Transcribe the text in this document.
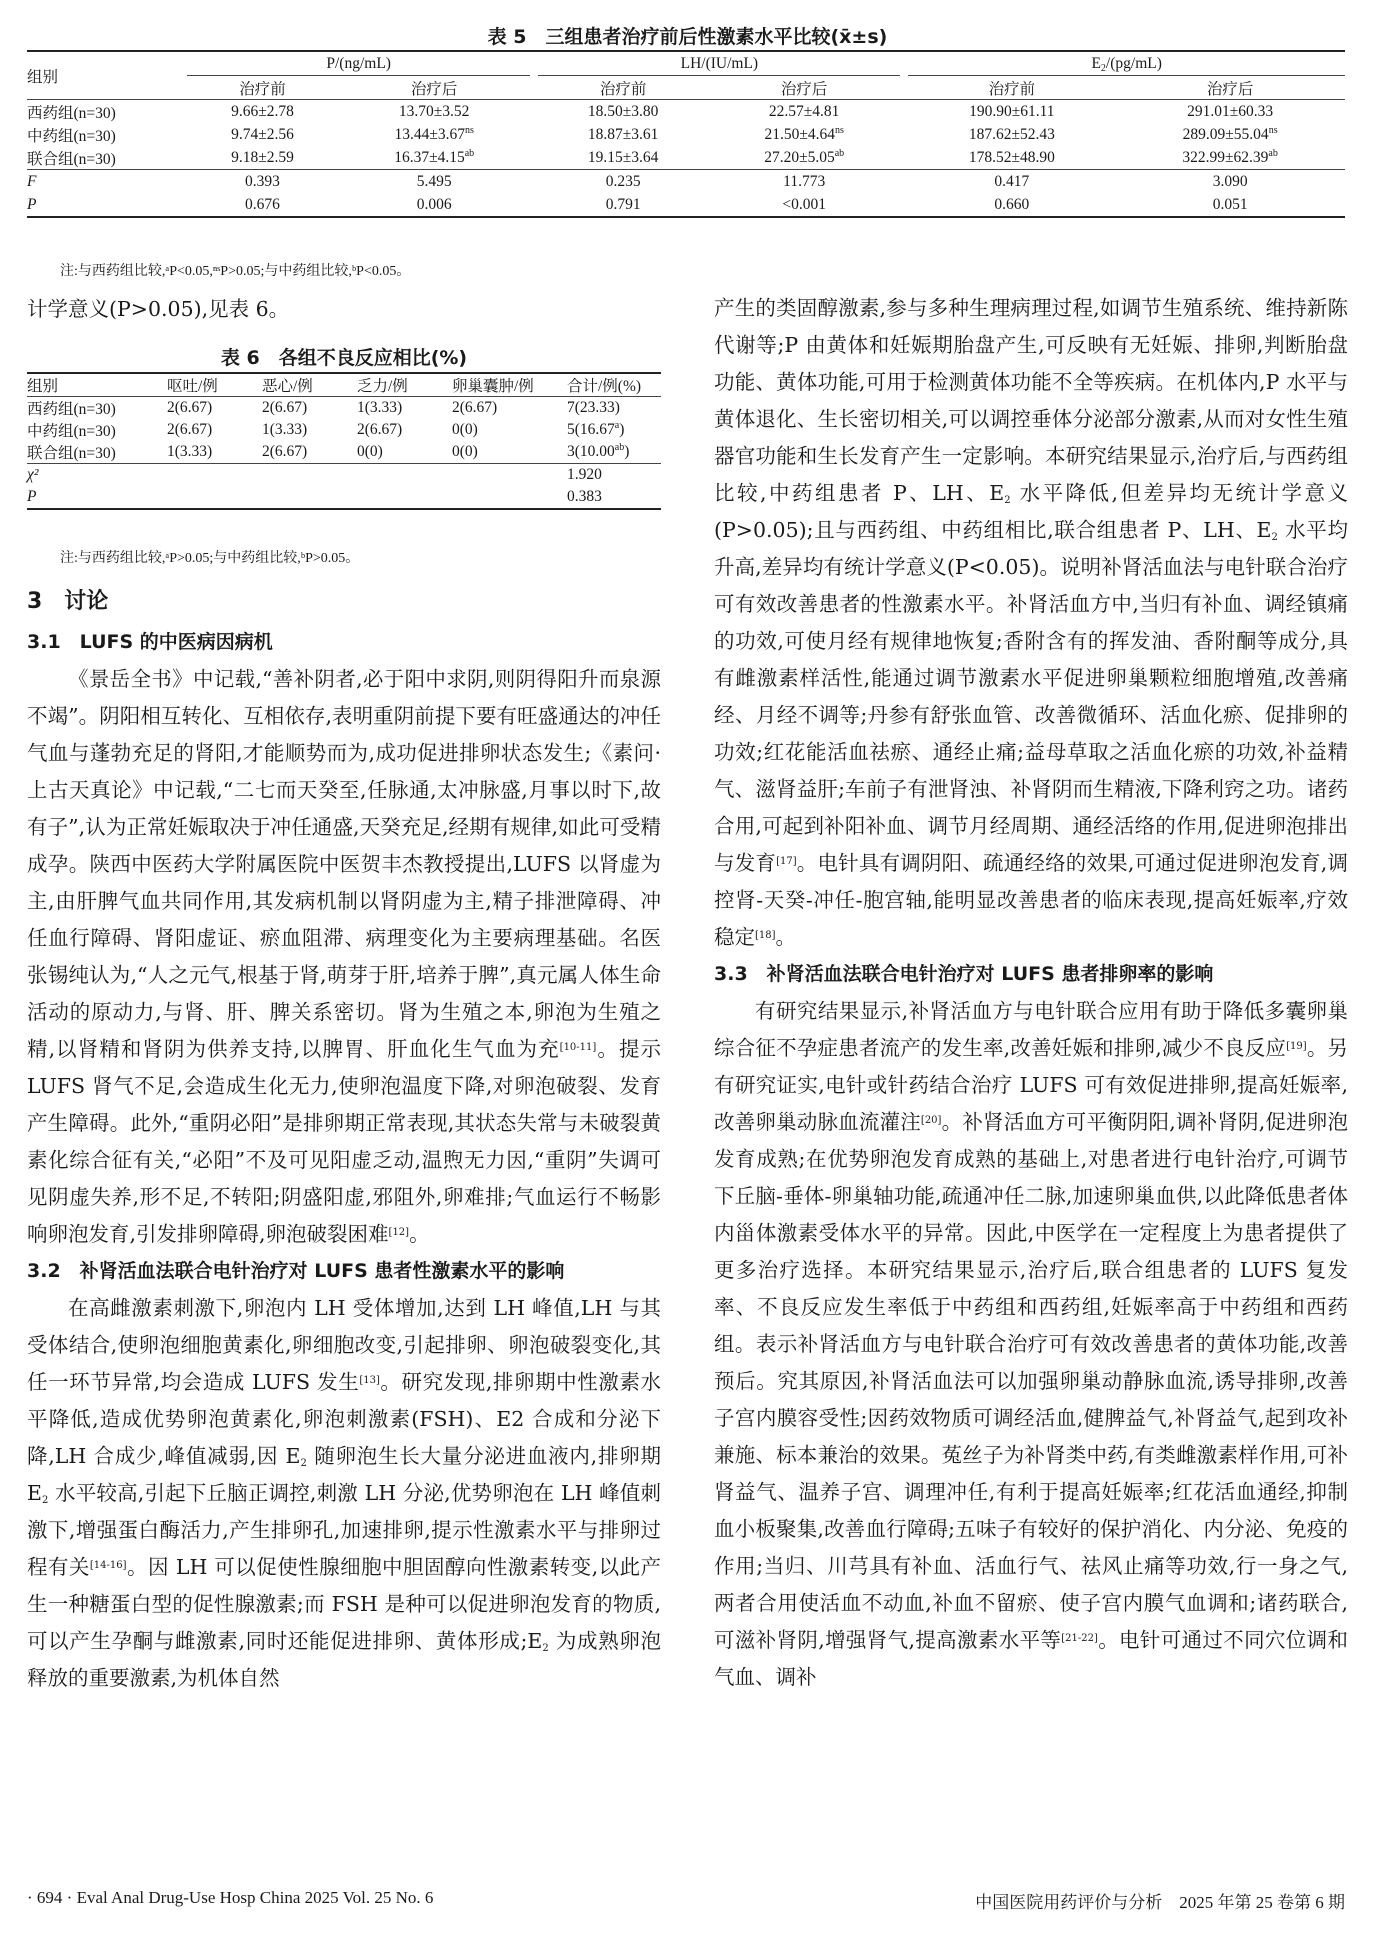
表 5　三组患者治疗前后性激素水平比较(x̄±s)
组别	P/(ng/mL)		LH/(IU/mL)		$E_2/(pg/mL)$
治疗前	治疗后		治疗前	治疗后		治疗前	治疗后
西药组(n=30)	9.66±2.78	13.70±3.52		18.50±3.80	22.57±4.81		190.90±61.11	291.01±60.33
中药组(n=30)	9.74±2.56	$13.44\pm 3.67^{ns}$		18.87±3.61	$21.50\pm 4.64^{ns}$		187.62±52.43	$289.09\pm 55.04^{ns}$
联合组(n=30)	9.18±2.59	16.37±4.15$^{ab}$		19.15±3.64	27.20±5.05$^{ab}$		178.52±48.90	322.99±62.39$^{ab}$
F	0.393	5.495		0.235	11.773		0.417	3.090
P	0.676	0.006		0.791	<0.001		0.660	0.051
注:与西药组比较,ᵃP<0.05,ⁿˢP>0.05;与中药组比较,ᵇP<0.05。
计学意义(P>0.05),见表 6。
表 6　各组不良反应相比(%)
组别	呕吐/例	恶心/例	乏力/例	卵巢囊肿/例	合计/例(%)
西药组(n=30)	2(6.67)	2(6.67)	1(3.33)	2(6.67)	7(23.33)
中药组(n=30)	2(6.67)	1(3.33)	2(6.67)	0(0)	5(16.67$^a$)
联合组(n=30)	1(3.33)	2(6.67)	0(0)	0(0)	3(10.00$^{ab}$)
χ²					1.920
P					0.383
注:与西药组比较,ᵃP>0.05;与中药组比较,ᵇP>0.05。
3　讨论
3.1　LUFS 的中医病因病机

《景岳全书》中记载,“善补阴者,必于阳中求阴,则阴得阳升而泉源不竭”。阴阳相互转化、互相依存,表明重阴前提下要有旺盛通达的冲任气血与蓬勃充足的肾阳,才能顺势而为,成功促进排卵状态发生;《素问·上古天真论》中记载,“二七而天癸至,任脉通,太冲脉盛,月事以时下,故有子”,认为正常妊娠取决于冲任通盛,天癸充足,经期有规律,如此可受精成孕。陕西中医药大学附属医院中医贺丰杰教授提出,LUFS 以肾虚为主,由肝脾气血共同作用,其发病机制以肾阴虚为主,精子排泄障碍、冲任血行障碍、肾阳虚证、瘀血阻滞、病理变化为主要病理基础。名医张锡纯认为,“人之元气,根基于肾,萌芽于肝,培养于脾”,真元属人体生命活动的原动力,与肾、肝、脾关系密切。肾为生殖之本,卵泡为生殖之精,以肾精和肾阴为供养支持,以脾胃、肝血化生气血为充[10-11]。提示 LUFS 肾气不足,会造成生化无力,使卵泡温度下降,对卵泡破裂、发育产生障碍。此外,“重阴必阳”是排卵期正常表现,其状态失常与未破裂黄素化综合征有关,“必阳”不及可见阳虚乏动,温煦无力因,“重阴”失调可见阴虚失养,形不足,不转阳;阴盛阳虚,邪阻外,卵难排;气血运行不畅影响卵泡发育,引发排卵障碍,卵泡破裂困难[12]。

3.2　补肾活血法联合电针治疗对 LUFS 患者性激素水平的影响

在高雌激素刺激下,卵泡内 LH 受体增加,达到 LH 峰值,LH 与其受体结合,使卵泡细胞黄素化,卵细胞改变,引起排卵、卵泡破裂变化,其任一环节异常,均会造成 LUFS 发生[13]。研究发现,排卵期中性激素水平降低,造成优势卵泡黄素化,卵泡刺激素(FSH)、E2 合成和分泌下降,LH 合成少,峰值减弱,因 $E_2$ 随卵泡生长大量分泌进血液内,排卵期 $E_2$ 水平较高,引起下丘脑正调控,刺激 LH 分泌,优势卵泡在 LH 峰值刺激下,增强蛋白酶活力,产生排卵孔,加速排卵,提示性激素水平与排卵过程有关[14-16]。因 LH 可以促使性腺细胞中胆固醇向性激素转变,以此产生一种糖蛋白型的促性腺激素;而 FSH 是种可以促进卵泡发育的物质,可以产生孕酮与雌激素,同时还能促进排卵、黄体形成$;E_2$ 为成熟卵泡释放的重要激素,为机体自然

产生的类固醇激素,参与多种生理病理过程,如调节生殖系统、维持新陈代谢等;P 由黄体和妊娠期胎盘产生,可反映有无妊娠、排卵,判断胎盘功能、黄体功能,可用于检测黄体功能不全等疾病。在机体内,P 水平与黄体退化、生长密切相关,可以调控垂体分泌部分激素,从而对女性生殖器官功能和生长发育产生一定影响。本研究结果显示,治疗后,与西药组比较,中药组患者 P、LH、$E_2$ 水平降低,但差异均无统计学意义(P>0.05);且与西药组、中药组相比,联合组患者 P、LH、$E_2$ 水平均升高,差异均有统计学意义(P<0.05)。说明补肾活血法与电针联合治疗可有效改善患者的性激素水平。补肾活血方中,当归有补血、调经镇痛的功效,可使月经有规律地恢复;香附含有的挥发油、香附酮等成分,具有雌激素样活性,能通过调节激素水平促进卵巢颗粒细胞增殖,改善痛经、月经不调等;丹参有舒张血管、改善微循环、活血化瘀、促排卵的功效;红花能活血祛瘀、通经止痛;益母草取之活血化瘀的功效,补益精气、滋肾益肝;车前子有泄肾浊、补肾阴而生精液,下降利窍之功。诸药合用,可起到补阳补血、调节月经周期、通经活络的作用,促进卵泡排出与发育[17]。电针具有调阴阳、疏通经络的效果,可通过促进卵泡发育,调控肾-天癸-冲任-胞宫轴,能明显改善患者的临床表现,提高妊娠率,疗效稳定[18]。

3.3　补肾活血法联合电针治疗对 LUFS 患者排卵率的影响

有研究结果显示,补肾活血方与电针联合应用有助于降低多囊卵巢综合征不孕症患者流产的发生率,改善妊娠和排卵,减少不良反应[19]。另有研究证实,电针或针药结合治疗 LUFS 可有效促进排卵,提高妊娠率,改善卵巢动脉血流灌注[20]。补肾活血方可平衡阴阳,调补肾阴,促进卵泡发育成熟;在优势卵泡发育成熟的基础上,对患者进行电针治疗,可调节下丘脑-垂体-卵巢轴功能,疏通冲任二脉,加速卵巢血供,以此降低患者体内甾体激素受体水平的异常。因此,中医学在一定程度上为患者提供了更多治疗选择。本研究结果显示,治疗后,联合组患者的 LUFS 复发率、不良反应发生率低于中药组和西药组,妊娠率高于中药组和西药组。表示补肾活血方与电针联合治疗可有效改善患者的黄体功能,改善预后。究其原因,补肾活血法可以加强卵巢动静脉血流,诱导排卵,改善子宫内膜容受性;因药效物质可调经活血,健脾益气,补肾益气,起到攻补兼施、标本兼治的效果。菟丝子为补肾类中药,有类雌激素样作用,可补肾益气、温养子宫、调理冲任,有利于提高妊娠率;红花活血通经,抑制血小板聚集,改善血行障碍;五味子有较好的保护消化、内分泌、免疫的作用;当归、川芎具有补血、活血行气、祛风止痛等功效,行一身之气,两者合用使活血不动血,补血不留瘀、使子宫内膜气血调和;诸药联合,可滋补肾阴,增强肾气,提高激素水平等[21-22]。电针可通过不同穴位调和气血、调补

· 694 · Eval Anal Drug-Use Hosp China 2025 Vol. 25 No. 6	中国医院用药评价与分析　2025 年第 25 卷第 6 期
